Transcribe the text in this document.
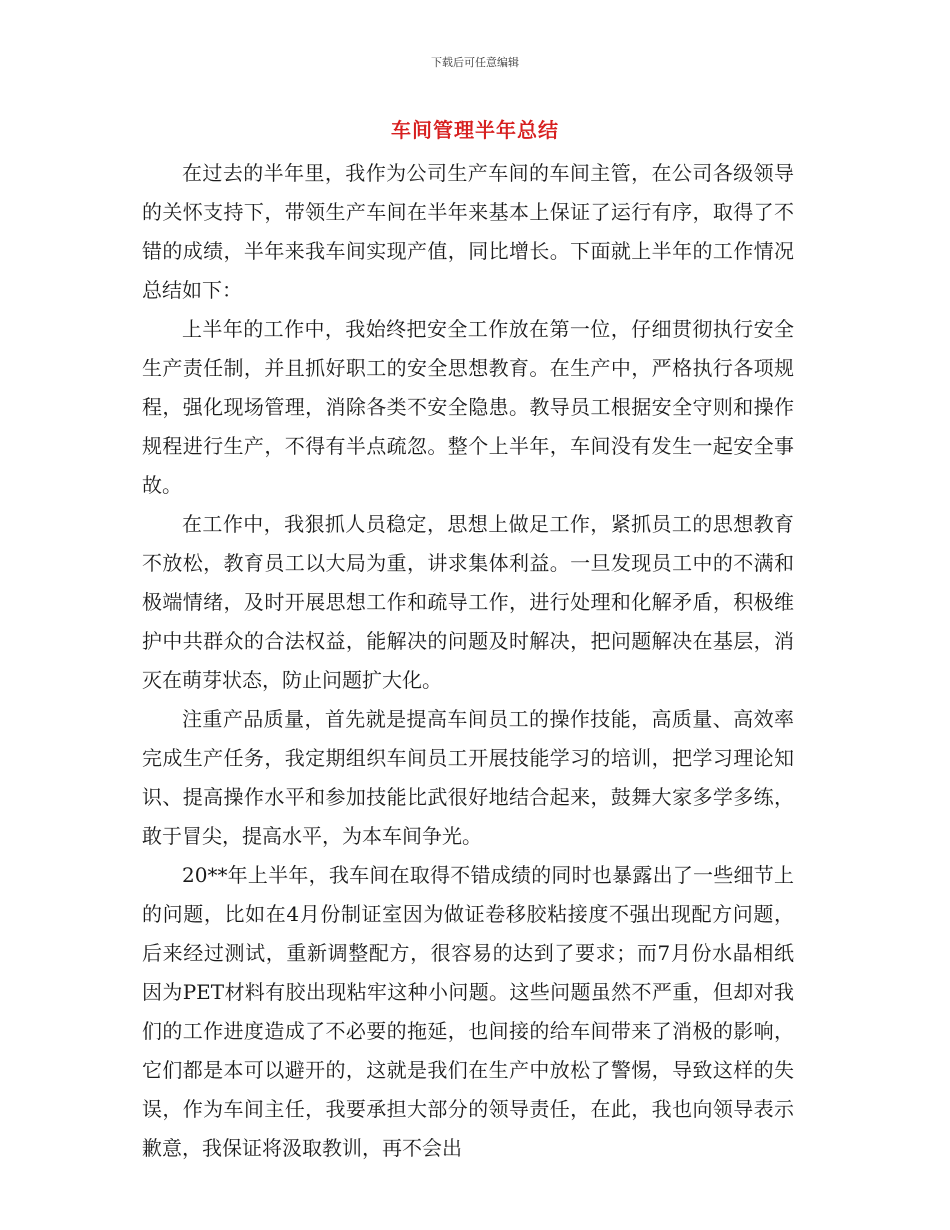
下载后可任意编辑
车间管理半年总结

在过去的半年里，我作为公司生产车间的车间主管，在公司各级领导的关怀支持下，带领生产车间在半年来基本上保证了运行有序，取得了不错的成绩，半年来我车间实现产值，同比增长。下面就上半年的工作情况总结如下：

上半年的工作中，我始终把安全工作放在第一位，仔细贯彻执行安全生产责任制，并且抓好职工的安全思想教育。在生产中，严格执行各项规程，强化现场管理，消除各类不安全隐患。教导员工根据安全守则和操作规程进行生产，不得有半点疏忽。整个上半年，车间没有发生一起安全事故。

在工作中，我狠抓人员稳定，思想上做足工作，紧抓员工的思想教育不放松，教育员工以大局为重，讲求集体利益。一旦发现员工中的不满和极端情绪，及时开展思想工作和疏导工作，进行处理和化解矛盾，积极维护中共群众的合法权益，能解决的问题及时解决，把问题解决在基层，消灭在萌芽状态，防止问题扩大化。

注重产品质量，首先就是提高车间员工的操作技能，高质量、高效率完成生产任务，我定期组织车间员工开展技能学习的培训，把学习理论知识、提高操作水平和参加技能比武很好地结合起来，鼓舞大家多学多练，敢于冒尖，提高水平，为本车间争光。

20**年上半年，我车间在取得不错成绩的同时也暴露出了一些细节上的问题，比如在4月份制证室因为做证卷移胶粘接度不强出现配方问题，后来经过测试，重新调整配方，很容易的达到了要求；而7月份水晶相纸因为PET材料有胶出现粘牢这种小问题。这些问题虽然不严重，但却对我们的工作进度造成了不必要的拖延，也间接的给车间带来了消极的影响，它们都是本可以避开的，这就是我们在生产中放松了警惕，导致这样的失误，作为车间主任，我要承担大部分的领导责任，在此，我也向领导表示歉意，我保证将汲取教训，再不会出
